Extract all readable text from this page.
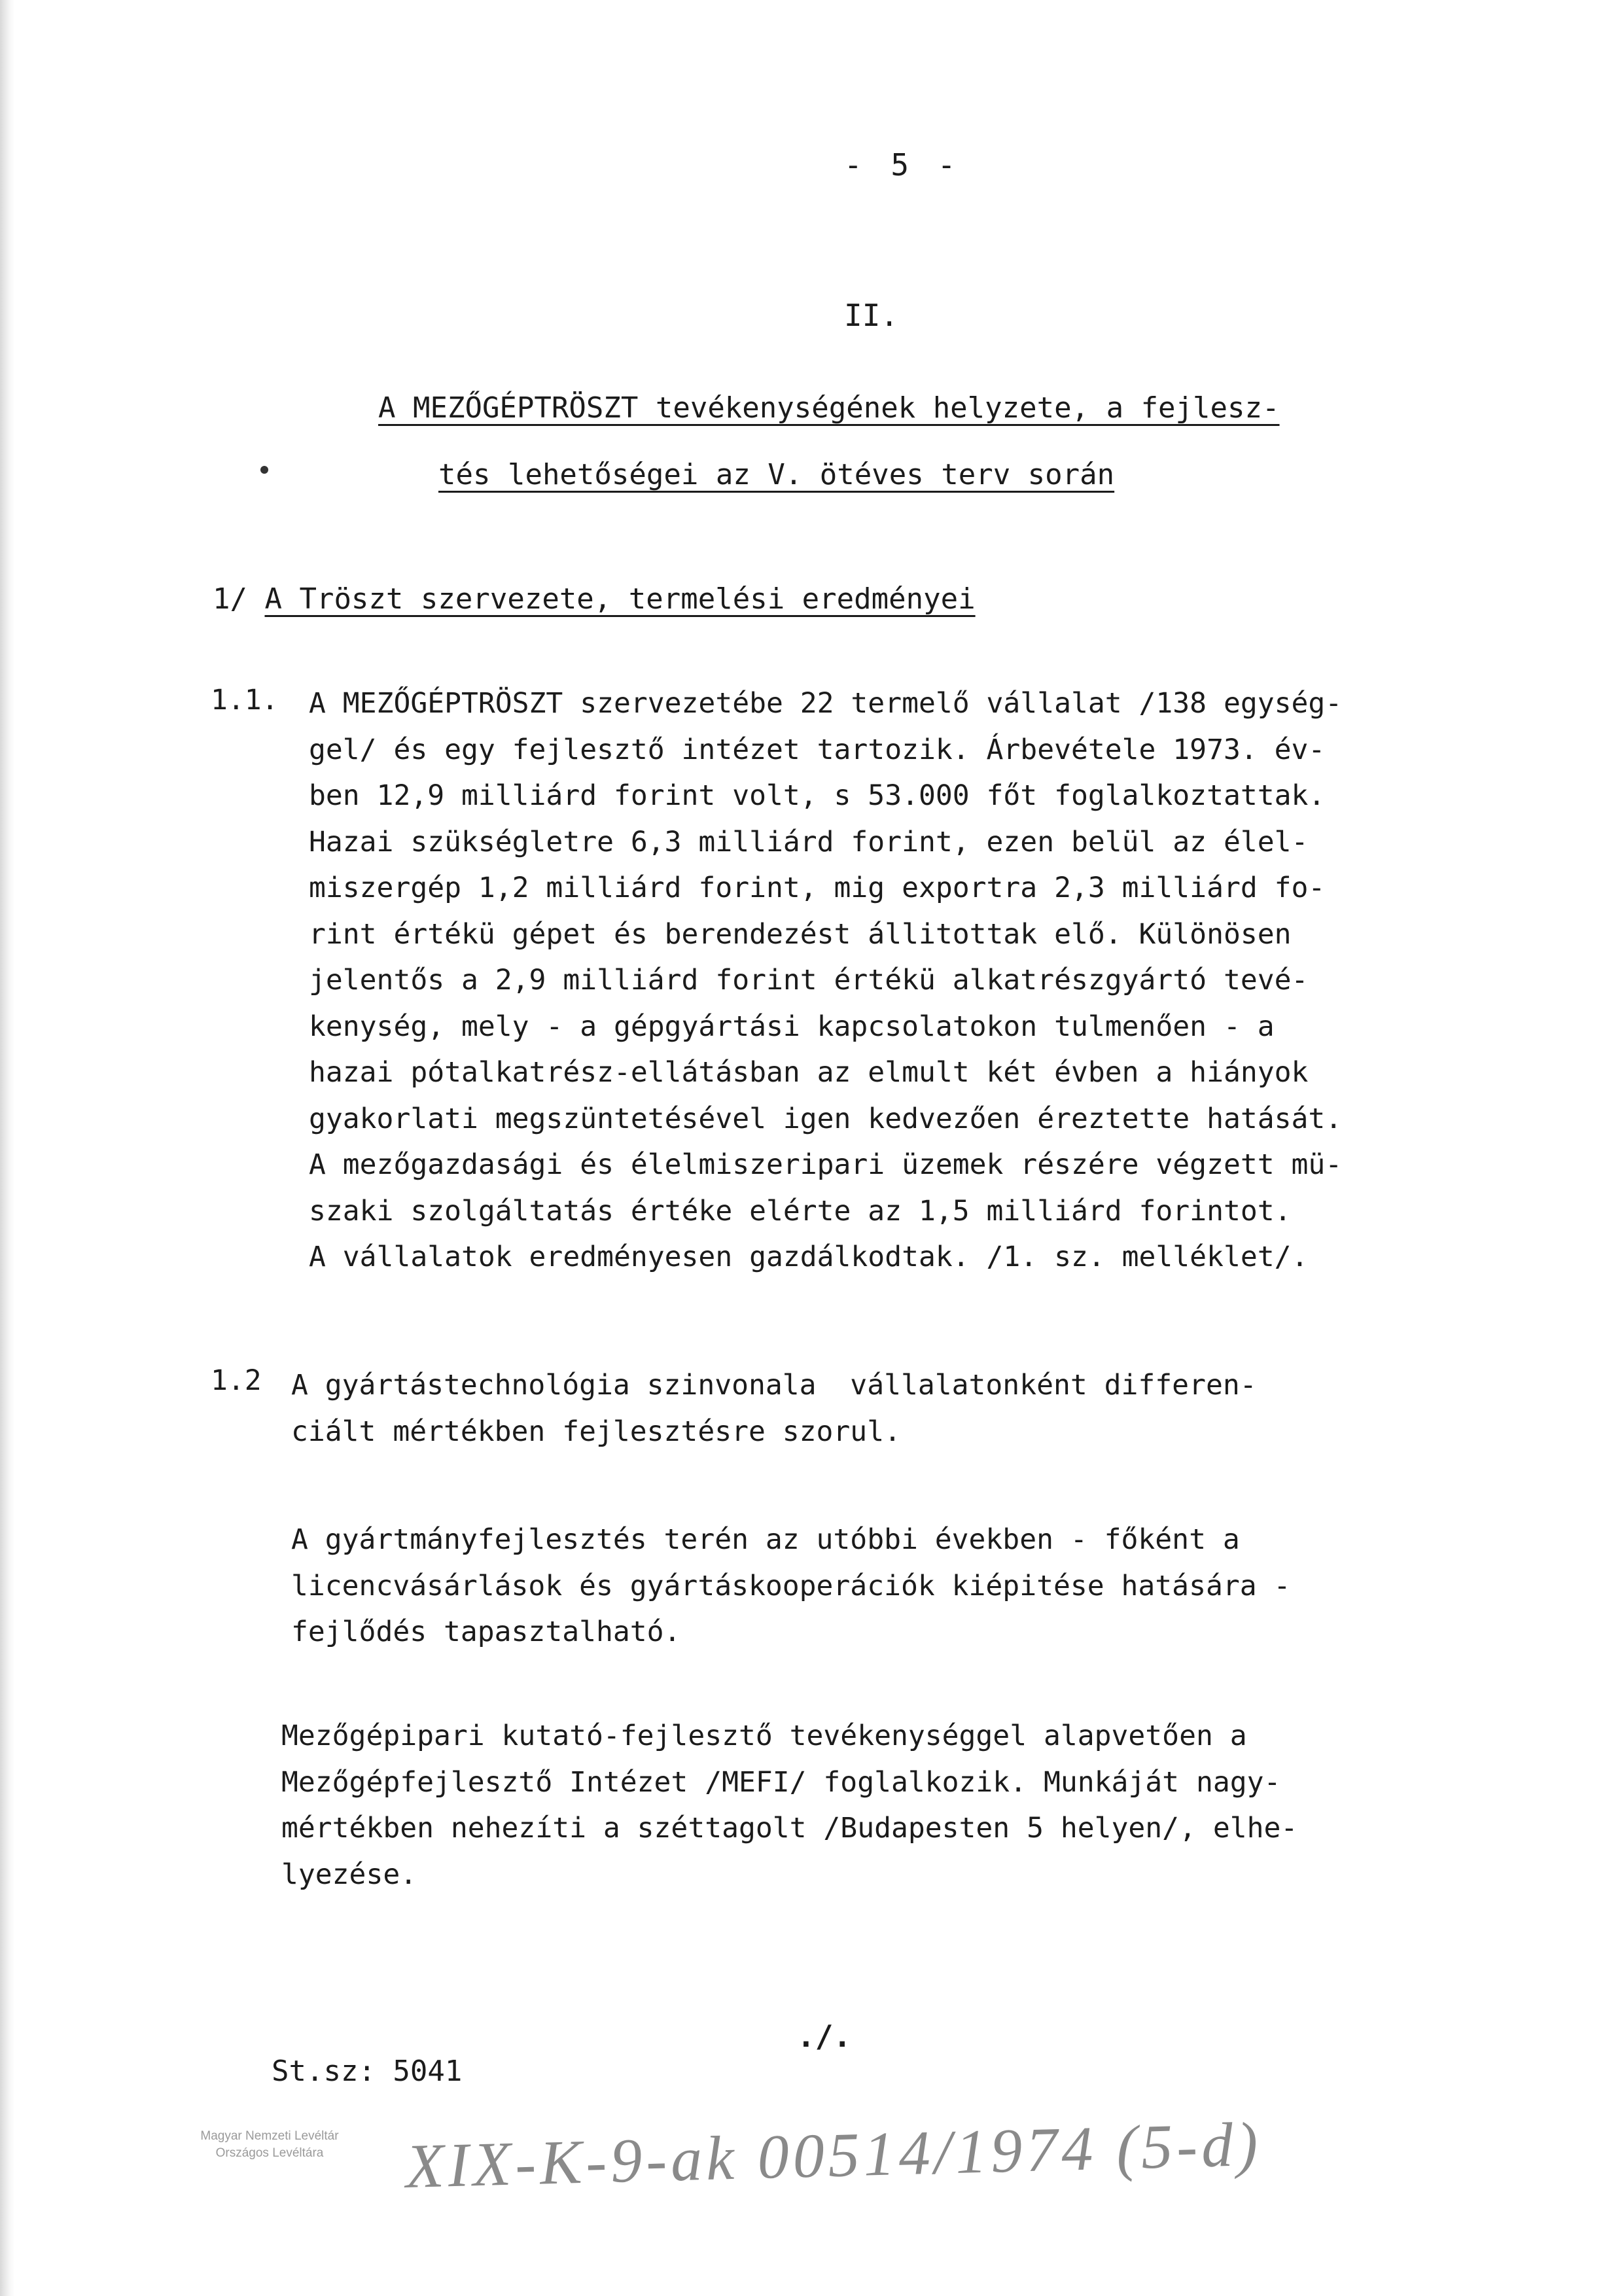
- 5 -
II.
A MEZŐGÉPTRÖSZT tevékenységének helyzete, a fejlesz-
tés lehetőségei az V. ötéves terv során
1/ A Tröszt szervezete, termelési eredményei
1.1. A MEZŐGÉPTRÖSZT szervezetébe 22 termelő vállalat /138 egység-
gel/ és egy fejlesztő intézet tartozik. Árbevétele 1973. év-
ben 12,9 milliárd forint volt, s 53.000 főt foglalkoztattak.
Hazai szükségletre 6,3 milliárd forint, ezen belül az élel-
miszergép 1,2 milliárd forint, mig exportra 2,3 milliárd fo-
rint értékü gépet és berendezést állitottak elő. Különösen
jelentős a 2,9 milliárd forint értékü alkatrészgyártó tevé-
kenység, mely - a gépgyártási kapcsolatokon tulmenően - a
hazai pótalkatrész-ellátásban az elmult két évben a hiányok
gyakorlati megszüntetésével igen kedvezően éreztette hatását.
A mezőgazdasági és élelmiszeripari üzemek részére végzett mü-
szaki szolgáltatás értéke elérte az 1,5 milliárd forintot.
A vállalatok eredményesen gazdálkodtak. /1. sz. melléklet/.
1.2 A gyártástechnológia szinvonala  vállalatonként differen-
ciált mértékben fejlesztésre szorul.
A gyártmányfejlesztés terén az utóbbi években - főként a
licencvásárlások és gyártáskooperációk kiépitése hatására -
fejlődés tapasztalható.
Mezőgépipari kutató-fejlesztő tevékenységgel alapvetően a
Mezőgépfejlesztő Intézet /MEFI/ foglalkozik. Munkáját nagy-
mértékben nehezíti a széttagolt /Budapesten 5 helyen/, elhe-
lyezése.
./.
St.sz: 5041
Magyar Nemzeti Levéltár
Országos Levéltára	XIX-K-9-ak 00514/1974 (5-d)
